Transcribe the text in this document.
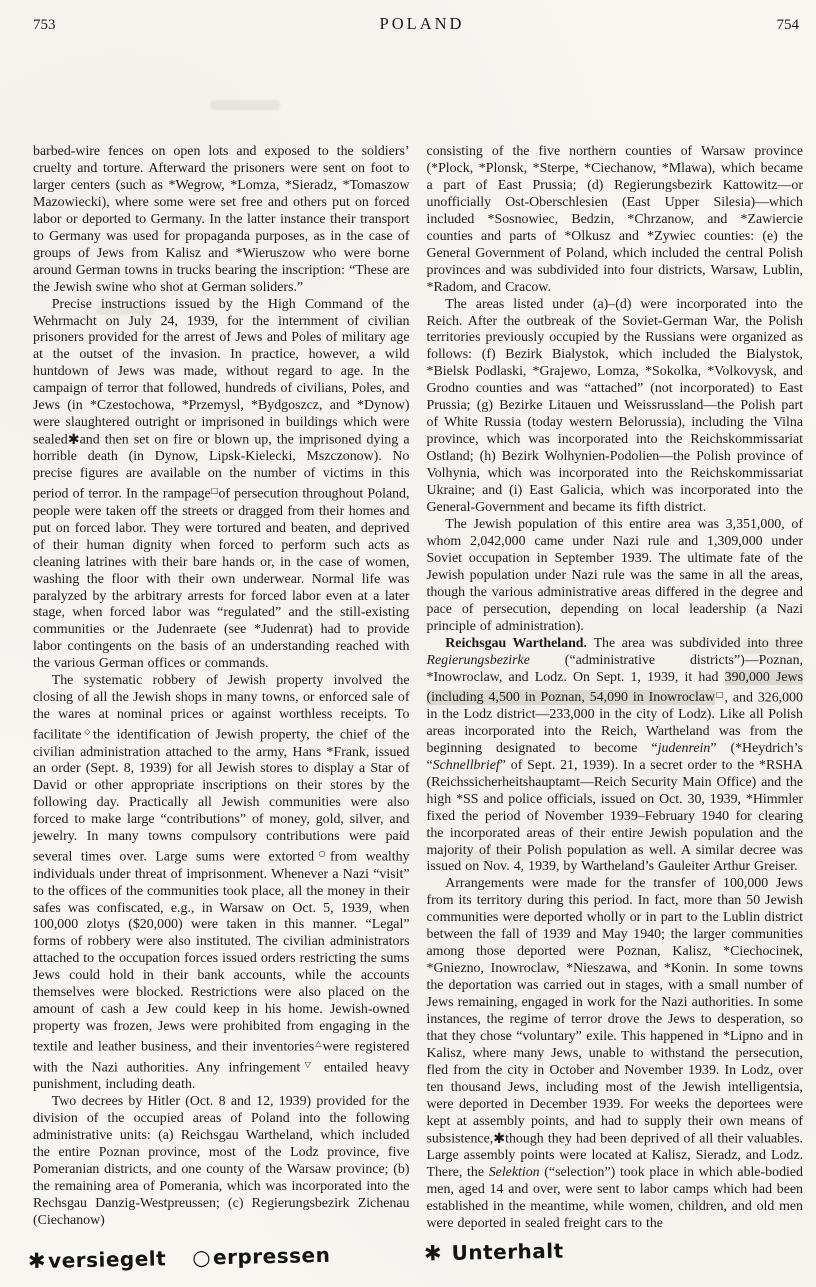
753	POLAND	754

barbed-wire fences on open lots and exposed to the soldiers’ cruelty and torture. Afterward the prisoners were sent on foot to larger centers (such as *Wegrow, *Lomza, *Sieradz, *Tomaszow Mazowiecki), where some were set free and others put on forced labor or deported to Germany. In the latter instance their transport to Germany was used for propaganda purposes, as in the case of groups of Jews from Kalisz and *Wieruszow who were borne around German towns in trucks bearing the inscription: “These are the Jewish swine who shot at German soliders.”

Precise instructions issued by the High Command of the Wehrmacht on July 24, 1939, for the internment of civilian prisoners provided for the arrest of Jews and Poles of military age at the outset of the invasion. In practice, however, a wild huntdown of Jews was made, without regard to age. In the campaign of terror that followed, hundreds of civilians, Poles, and Jews (in *Czestochowa, *Przemysl, *Bydgoszcz, and *Dynow) were slaughtered outright or imprisoned in buildings which were sealed✱and then set on fire or blown up, the imprisoned dying a horrible death (in Dynow, Lipsk-Kielecki, Mszczonow). No precise figures are available on the number of victims in this period of terror. In the rampage□of persecution throughout Poland, people were taken off the streets or dragged from their homes and put on forced labor. They were tortured and beaten, and deprived of their human dignity when forced to perform such acts as cleaning latrines with their bare hands or, in the case of women, washing the floor with their own underwear. Normal life was paralyzed by the arbitrary arrests for forced labor even at a later stage, when forced labor was “regulated” and the still-existing communities or the Judenraete (see *Judenrat) had to provide labor contingents on the basis of an understanding reached with the various German offices or commands.

The systematic robbery of Jewish property involved the closing of all the Jewish shops in many towns, or enforced sale of the wares at nominal prices or against worthless receipts. To facilitate◇the identification of Jewish property, the chief of the civilian administration attached to the army, Hans *Frank, issued an order (Sept. 8, 1939) for all Jewish stores to display a Star of David or other appropriate inscriptions on their stores by the following day. Practically all Jewish communities were also forced to make large “contributions” of money, gold, silver, and jewelry. In many towns compulsory contributions were paid several times over. Large sums were extorted○from wealthy individuals under threat of imprisonment. Whenever a Nazi “visit” to the offices of the communities took place, all the money in their safes was confiscated, e.g., in Warsaw on Oct. 5, 1939, when 100,000 zlotys ($20,000) were taken in this manner. “Legal” forms of robbery were also instituted. The civilian administrators attached to the occupation forces issued orders restricting the sums Jews could hold in their bank accounts, while the accounts themselves were blocked. Restrictions were also placed on the amount of cash a Jew could keep in his home. Jewish-owned property was frozen, Jews were prohibited from engaging in the textile and leather business, and their inventories△were registered with the Nazi authorities. Any infringement▽ entailed heavy punishment, including death.

Two decrees by Hitler (Oct. 8 and 12, 1939) provided for the division of the occupied areas of Poland into the following administrative units: (a) Reichsgau Wartheland, which included the entire Poznan province, most of the Lodz province, five Pomeranian districts, and one county of the Warsaw province; (b) the remaining area of Pomerania, which was incorporated into the Rechsgau Danzig-Westpreussen; (c) Regierungsbezirk Zichenau (Ciechanow)

consisting of the five northern counties of Warsaw province (*Plock, *Plonsk, *Sterpe, *Ciechanow, *Mlawa), which became a part of East Prussia; (d) Regierungsbezirk Kattowitz—or unofficially Ost-Oberschlesien (East Upper Silesia)—which included *Sosnowiec, Bedzin, *Chrzanow, and *Zawiercie counties and parts of *Olkusz and *Zywiec counties: (e) the General Government of Poland, which included the central Polish provinces and was subdivided into four districts, Warsaw, Lublin, *Radom, and Cracow.

The areas listed under (a)–(d) were incorporated into the Reich. After the outbreak of the Soviet-German War, the Polish territories previously occupied by the Russians were organized as follows: (f) Bezirk Bialystok, which included the Bialystok, *Bielsk Podlaski, *Grajewo, Lomza, *Sokolka, *Volkovysk, and Grodno counties and was “attached” (not incorporated) to East Prussia; (g) Bezirke Litauen und Weissrussland—the Polish part of White Russia (today western Belorussia), including the Vilna province, which was incorporated into the Reichskommissariat Ostland; (h) Bezirk Wolhynien-Podolien—the Polish province of Volhynia, which was incorporated into the Reichskommissariat Ukraine; and (i) East Galicia, which was incorporated into the General-Government and became its fifth district.

The Jewish population of this entire area was 3,351,000, of whom 2,042,000 came under Nazi rule and 1,309,000 under Soviet occupation in September 1939. The ultimate fate of the Jewish population under Nazi rule was the same in all the areas, though the various administrative areas differed in the degree and pace of persecution, depending on local leadership (a Nazi principle of administration).

Reichsgau Wartheland. The area was subdivided into three Regierungsbezirke (“administrative districts”)—Poznan, *Inowroclaw, and Lodz. On Sept. 1, 1939, it had 390,000 Jews (including 4,500 in Poznan, 54,090 in Inowroclaw□, and 326,000 in the Lodz district—233,000 in the city of Lodz). Like all Polish areas incorporated into the Reich, Wartheland was from the beginning designated to become “judenrein” (*Heydrich’s “Schnellbrief” of Sept. 21, 1939). In a secret order to the *RSHA (Reichssicherheitshauptamt—Reich Security Main Office) and the high *SS and police officials, issued on Oct. 30, 1939, *Himmler fixed the period of November 1939–February 1940 for clearing the incorporated areas of their entire Jewish population and the majority of their Polish population as well. A similar decree was issued on Nov. 4, 1939, by Wartheland’s Gauleiter Arthur Greiser.

Arrangements were made for the transfer of 100,000 Jews from its territory during this period. In fact, more than 50 Jewish communities were deported wholly or in part to the Lublin district between the fall of 1939 and May 1940; the larger communities among those deported were Poznan, Kalisz, *Ciechocinek, *Gniezno, Inowroclaw, *Nieszawa, and *Konin. In some towns the deportation was carried out in stages, with a small number of Jews remaining, engaged in work for the Nazi authorities. In some instances, the regime of terror drove the Jews to desperation, so that they chose “voluntary” exile. This happened in *Lipno and in Kalisz, where many Jews, unable to withstand the persecution, fled from the city in October and November 1939. In Lodz, over ten thousand Jews, including most of the Jewish intelligentsia, were deported in December 1939. For weeks the deportees were kept at assembly points, and had to supply their own means of subsistence,✱though they had been deprived of all their valuables. Large assembly points were located at Kalisz, Sieradz, and Lodz. There, the Selektion (“selection”) took place in which able-bodied men, aged 14 and over, were sent to labor camps which had been established in the meantime, while women, children, and old men were deported in sealed freight cars to the

✱versiegelt ○erpressen	✱ Unterhalt
